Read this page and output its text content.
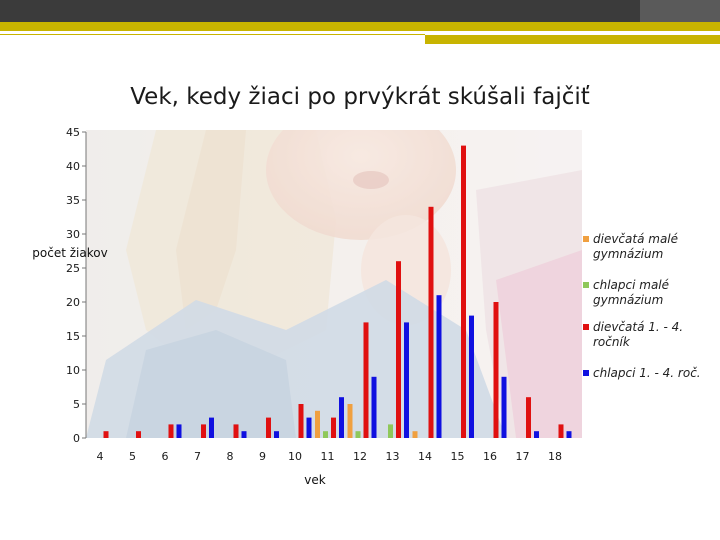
Vek, kedy žiaci po prvýkrát skúšali fajčiť
0
5
10
15
20
25
30
35
40
45
4 5 6 7 8 9 10 11 12 13 14 15 16 17 18
počet žiakov
vek
dievčatá malé gymnázium
chlapci malé gymnázium
dievčatá 1. - 4. ročník
chlapci 1. - 4. roč.
